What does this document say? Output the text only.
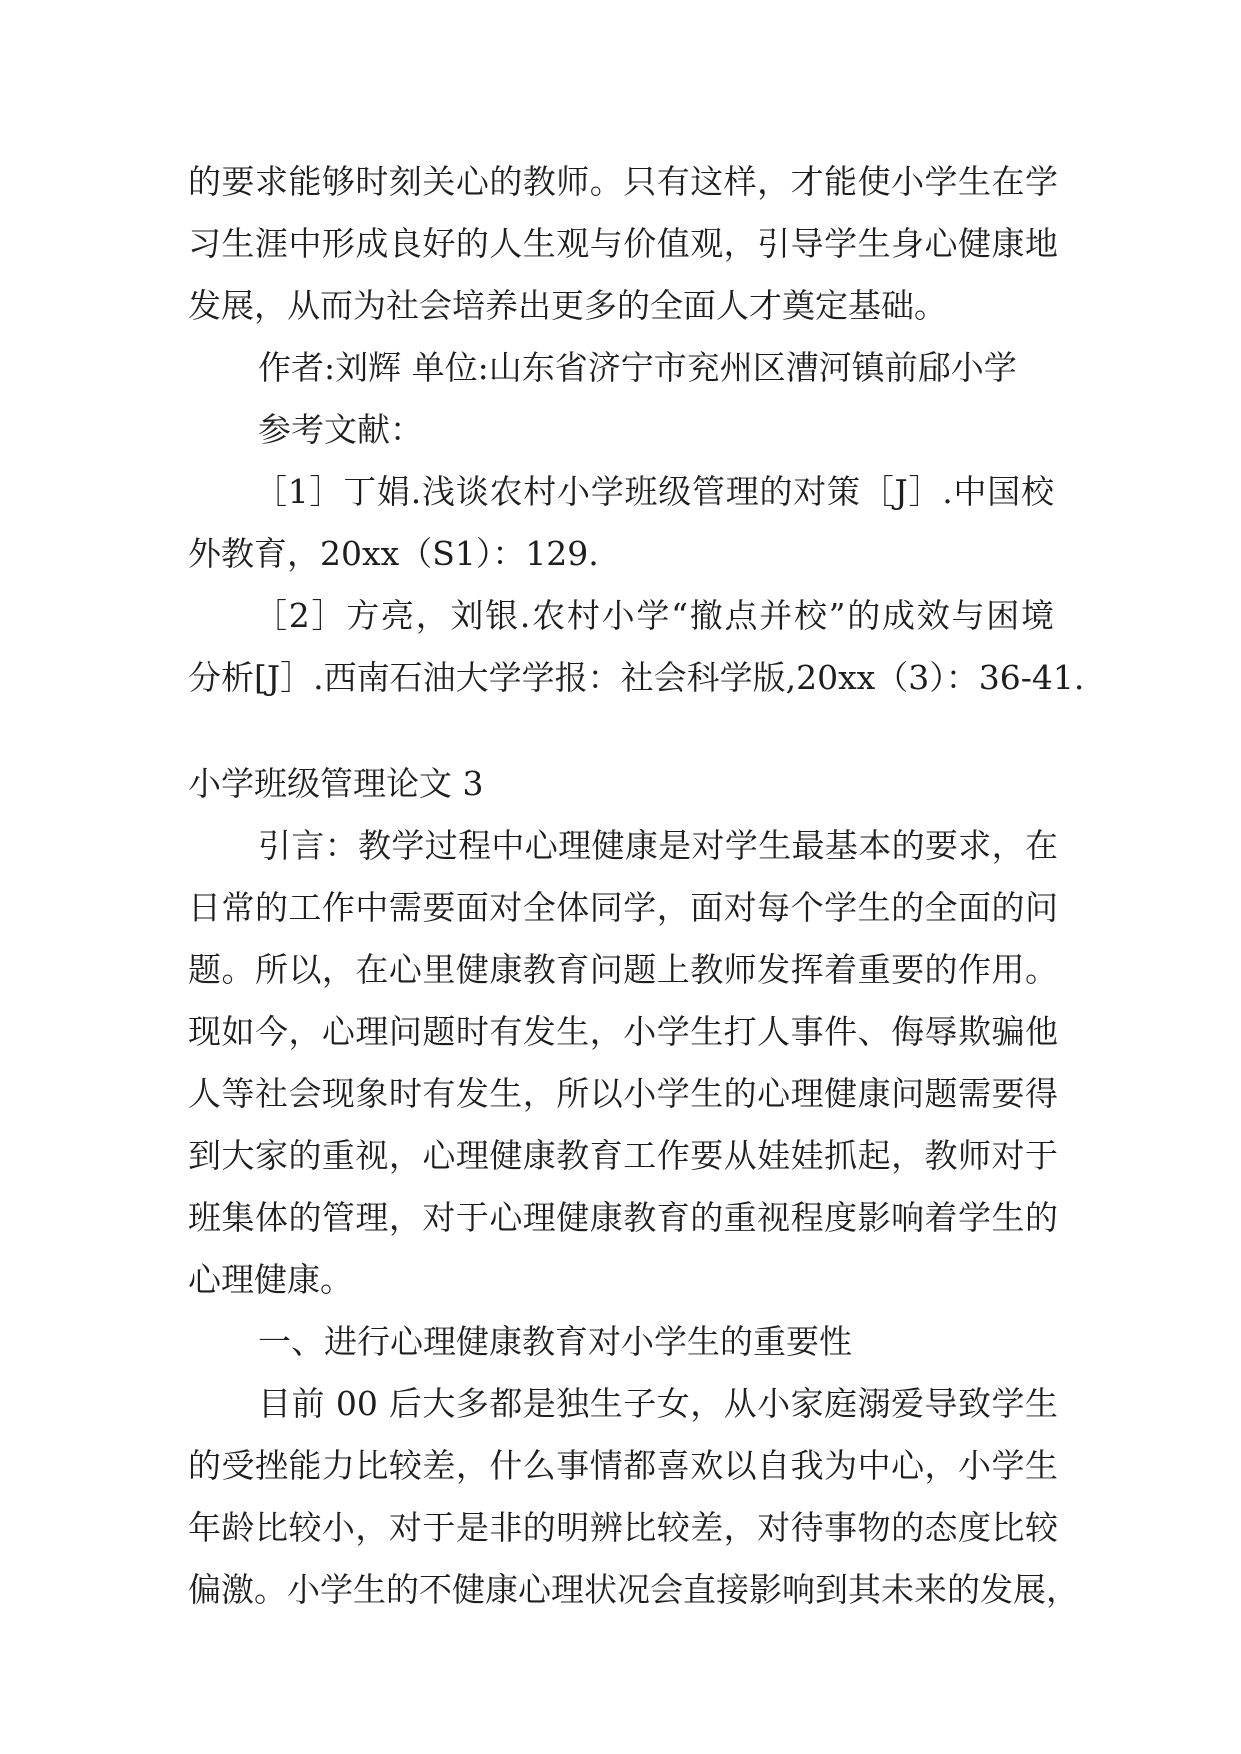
的要求能够时刻关心的教师。只有这样，才能使小学生在学
习生涯中形成良好的人生观与价值观，引导学生身心健康地
发展，从而为社会培养出更多的全面人才奠定基础。
作者:刘辉 单位:山东省济宁市兖州区漕河镇前郈小学
参考文献：
［1］丁娟.浅谈农村小学班级管理的对策［J］.中国校
外教育，20xx（S1）：129.
［2］方亮，刘银.农村小学“撤点并校”的成效与困境
分析[J］.西南石油大学学报：社会科学版,20xx（3）：36-41.
小学班级管理论文 3
引言：教学过程中心理健康是对学生最基本的要求，在
日常的工作中需要面对全体同学，面对每个学生的全面的问
题。所以，在心里健康教育问题上教师发挥着重要的作用。
现如今，心理问题时有发生，小学生打人事件、侮辱欺骗他
人等社会现象时有发生，所以小学生的心理健康问题需要得
到大家的重视，心理健康教育工作要从娃娃抓起，教师对于
班集体的管理，对于心理健康教育的重视程度影响着学生的
心理健康。
一、进行心理健康教育对小学生的重要性
目前 00 后大多都是独生子女，从小家庭溺爱导致学生
的受挫能力比较差，什么事情都喜欢以自我为中心，小学生
年龄比较小，对于是非的明辨比较差，对待事物的态度比较
偏激。小学生的不健康心理状况会直接影响到其未来的发展，
